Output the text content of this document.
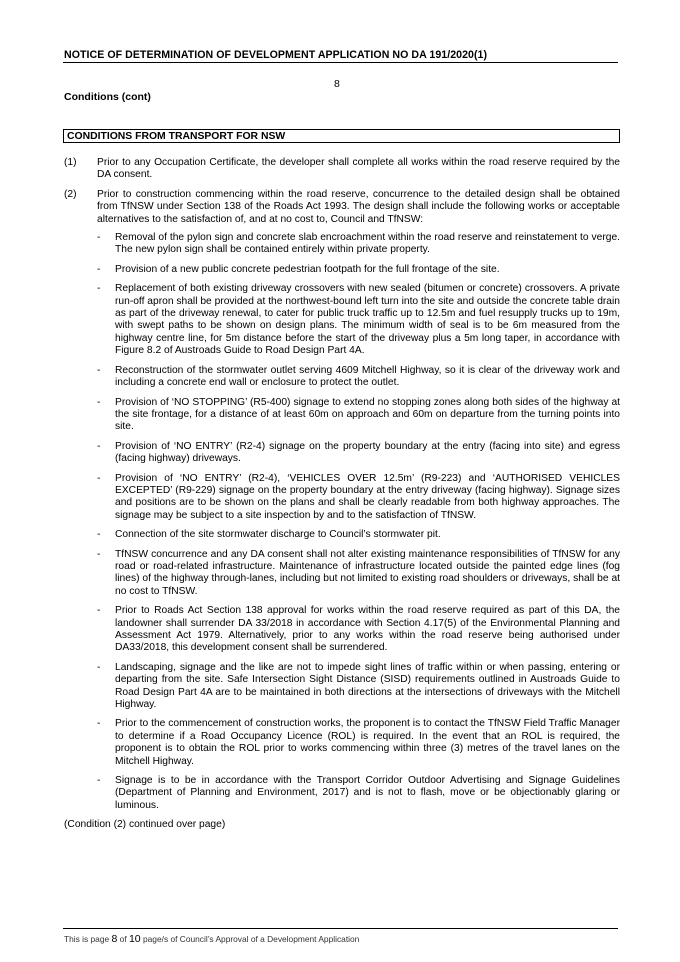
NOTICE OF DETERMINATION OF DEVELOPMENT APPLICATION NO DA 191/2020(1)
8
Conditions (cont)
CONDITIONS FROM TRANSPORT FOR NSW
(1)	Prior to any Occupation Certificate, the developer shall complete all works within the road reserve required by the DA consent.
(2)	Prior to construction commencing within the road reserve, concurrence to the detailed design shall be obtained from TfNSW under Section 138 of the Roads Act 1993. The design shall include the following works or acceptable alternatives to the satisfaction of, and at no cost to, Council and TfNSW:
-	Removal of the pylon sign and concrete slab encroachment within the road reserve and reinstatement to verge. The new pylon sign shall be contained entirely within private property.
-	Provision of a new public concrete pedestrian footpath for the full frontage of the site.
-	Replacement of both existing driveway crossovers with new sealed (bitumen or concrete) crossovers. A private run-off apron shall be provided at the northwest-bound left turn into the site and outside the concrete table drain as part of the driveway renewal, to cater for public truck traffic up to 12.5m and fuel resupply trucks up to 19m, with swept paths to be shown on design plans. The minimum width of seal is to be 6m measured from the highway centre line, for 5m distance before the start of the driveway plus a 5m long taper, in accordance with Figure 8.2 of Austroads Guide to Road Design Part 4A.
-	Reconstruction of the stormwater outlet serving 4609 Mitchell Highway, so it is clear of the driveway work and including a concrete end wall or enclosure to protect the outlet.
-	Provision of ‘NO STOPPING’ (R5-400) signage to extend no stopping zones along both sides of the highway at the site frontage, for a distance of at least 60m on approach and 60m on departure from the turning points into site.
-	Provision of ‘NO ENTRY’ (R2-4) signage on the property boundary at the entry (facing into site) and egress (facing highway) driveways.
-	Provision of ‘NO ENTRY’ (R2-4), ‘VEHICLES OVER 12.5m’ (R9-223) and ‘AUTHORISED VEHICLES EXCEPTED’ (R9-229) signage on the property boundary at the entry driveway (facing highway). Signage sizes and positions are to be shown on the plans and shall be clearly readable from both highway approaches. The signage may be subject to a site inspection by and to the satisfaction of TfNSW.
-	Connection of the site stormwater discharge to Council’s stormwater pit.
-	TfNSW concurrence and any DA consent shall not alter existing maintenance responsibilities of TfNSW for any road or road-related infrastructure. Maintenance of infrastructure located outside the painted edge lines (fog lines) of the highway through-lanes, including but not limited to existing road shoulders or driveways, shall be at no cost to TfNSW.
-	Prior to Roads Act Section 138 approval for works within the road reserve required as part of this DA, the landowner shall surrender DA 33/2018 in accordance with Section 4.17(5) of the Environmental Planning and Assessment Act 1979. Alternatively, prior to any works within the road reserve being authorised under DA33/2018, this development consent shall be surrendered.
-	Landscaping, signage and the like are not to impede sight lines of traffic within or when passing, entering or departing from the site. Safe Intersection Sight Distance (SISD) requirements outlined in Austroads Guide to Road Design Part 4A are to be maintained in both directions at the intersections of driveways with the Mitchell Highway.
-	Prior to the commencement of construction works, the proponent is to contact the TfNSW Field Traffic Manager to determine if a Road Occupancy Licence (ROL) is required. In the event that an ROL is required, the proponent is to obtain the ROL prior to works commencing within three (3) metres of the travel lanes on the Mitchell Highway.
-	Signage is to be in accordance with the Transport Corridor Outdoor Advertising and Signage Guidelines (Department of Planning and Environment, 2017) and is not to flash, move or be objectionably glaring or luminous.
(Condition (2) continued over page)
This is page 8 of 10 page/s of Council’s Approval of a Development Application
